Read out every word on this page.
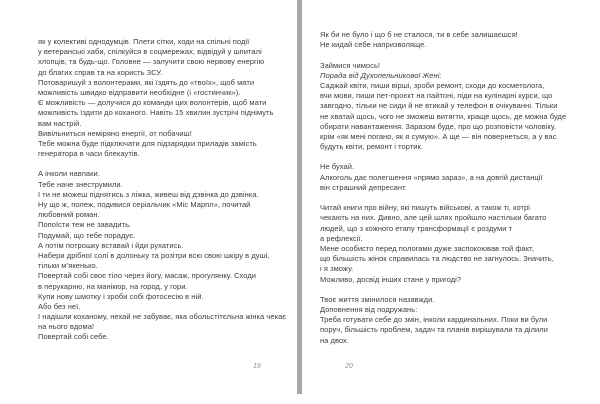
як у колективі однодумців. Плети сітки, ходи на спільні події
у ветеранські хаби, спілкуйся в соцмережах, відвідуй у шпиталі
хлопців, та будь-що. Головне — залучити свою нервову енергію
до благих справ та на користь ЗСУ.
Потоваришуй з волонтерами, які їздять до «твоїх», щоб мати
можливість швидко відправити необхідне (і «гостинчик»).
Є можливість — долучися до команди цих волонтерів, щоб мати
можливість їздити до коханого. Навіть 15 хвилин зустрічі піднімуть
вам настрій.
Вивільниться неміряно енергії, от побачиш!
Тебе можна буде підключати для підзарядки приладів замість
генератора в часи блекаутів.
А інколи навпаки.
Тебе наче знеструмили.
І ти не можеш піднятись з ліжка, живеш від дзвінка до дзвінка.
Ну що ж, полеж, подивися серіальчик «Міс Марпл», почитай
любовний роман.
Попоїсти теж не завадить.
Подумай, що тебе порадує.
А потім потрошку вставай і йди рухатись.
Набери дрібної солі в долоньку та розітри всю свою шкіру в душі,
тільки м’якенько.
Повертай собі своє тіло через йогу, масаж, прогулянку. Сходи
в перукарню, на манікюр, на город, у гори.
Купи нову шмотку і зроби собі фотосесію в ній.
Або без неї.
І надішли коханому, нехай не забуває, яка обольстітєльна жінка чекає
на нього вдома!
Повертай собі себе.
Як би не було і що б не сталося, ти в себе залишаєшся!
Не кидай себе напризволяще.
Займися чимось!
Порада від Духопельникової Жені:
Саджай квіти, пиши вірші, зроби ремонт, сходи до косметолога,
вчи мови, пиши пет-проєкт на пайтоні, піди на кулінарні курси, що
завгодно, тільки не сиди й не втикай у телефон в очікуванні. Тільки
не хватай щось, чого не зможеш витягти, краще щось, де можна буде
обирати навантаження. Заразом буде, про що розповісти чоловіку,
крім «як мені погано, як я сумую». А ще — він повернеться, а у вас
будуть квіти, ремонт і тортик.
Не бухай.
Алкоголь дає полегшення «прямо зараз», а на довгій дистанції
він страшний депресант.
Читай книги про війну, які пишуть військові, а також ті, котрі
чекають на них. Дивно, але цей шлях пройшло настільки багато
людей, що з кожного етапу трансформації є роздуми т
а рефлексії.
Мене особисто перед пологами дуже заспокоював той факт,
що більшість жінок справилась та людство не загнулось. Значить,
і я зможу.
Можливо, досвід інших стане у пригоді?
Твоє життя змінилося назавжди.
Доповнення від подружань:
Треба готувати себе до змін, інколи кардинальних. Поки ви були
поруч, більшість проблем, задач та планів вирішували та ділили
на двох.
19	20
